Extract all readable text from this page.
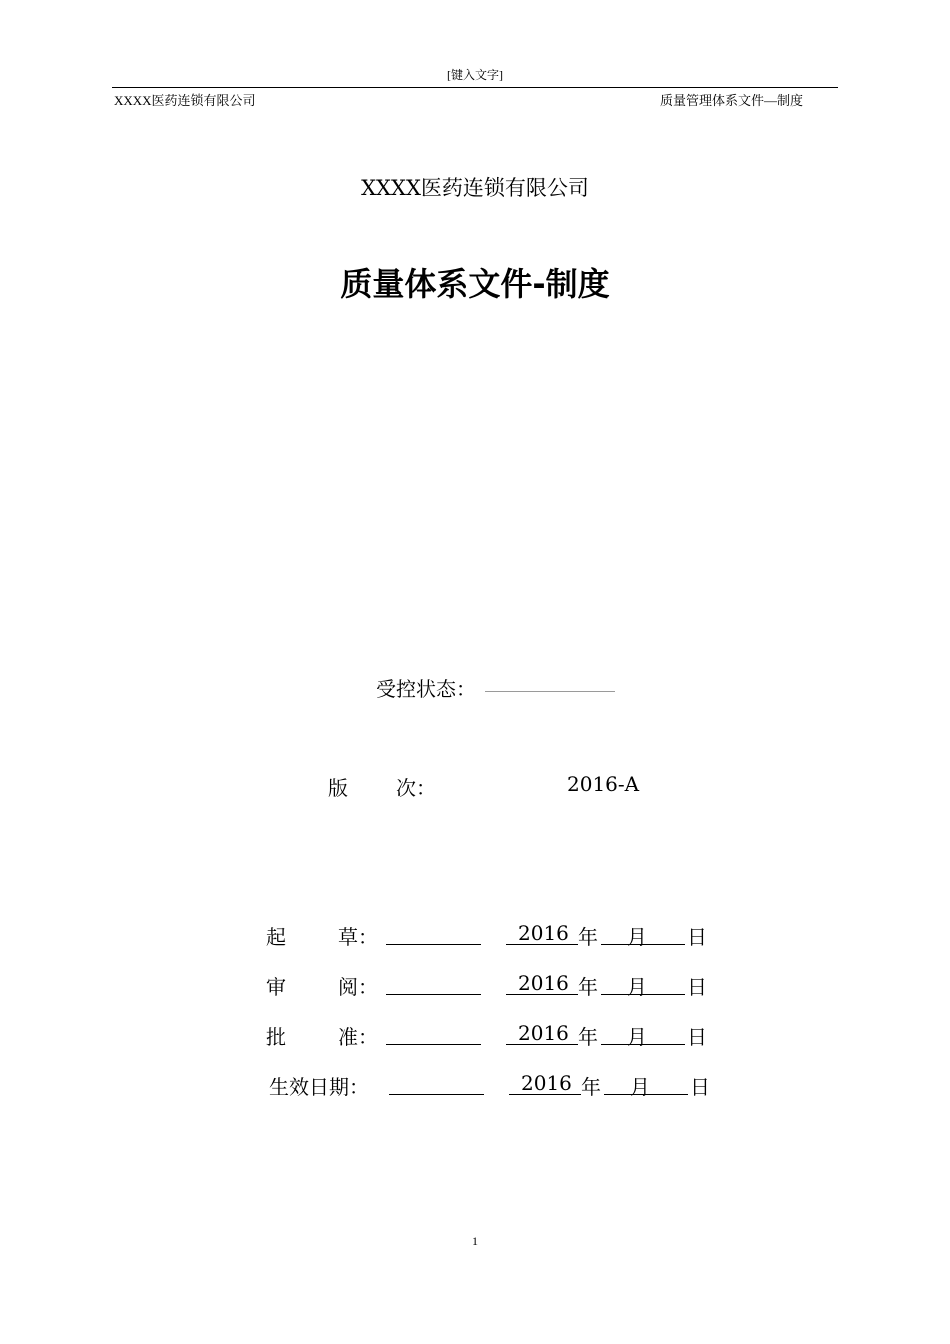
[键入文字]
XXXX医药连锁有限公司	质量管理体系文件—制度
XXXX医药连锁有限公司
质量体系文件-制度
受控状态：
版 次：	2016-A
起	草：	2016 年 月 日
审	阅：	2016 年 月 日
批	准：	2016 年 月 日
生效日期：	2016 年 月 日
1
